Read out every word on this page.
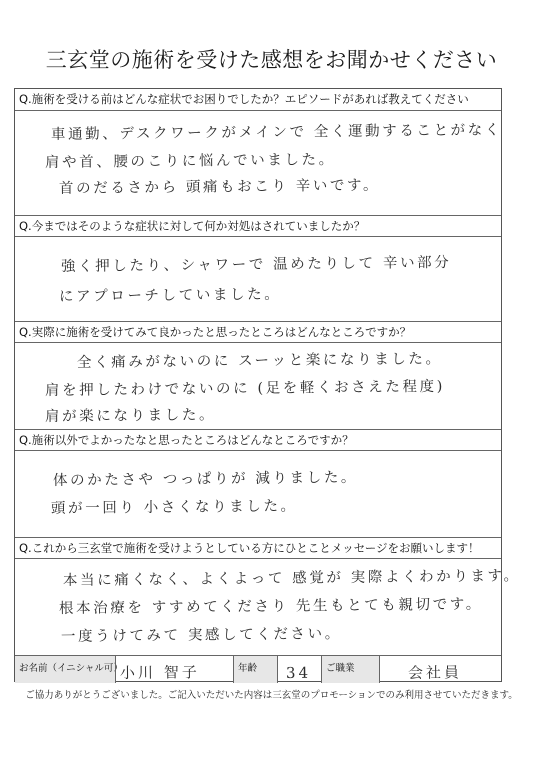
三玄堂の施術を受けた感想をお聞かせください
Q.施術を受ける前はどんな症状でお困りでしたか？エピソードがあれば教えてください
車通勤、デスクワークがメインで 全く運動することがなく
肩や首、腰のこりに悩んでいました。
首のだるさから 頭痛もおこり 辛いです。
Q.今まではそのような症状に対して何か対処はされていましたか？
強く押したり、シャワーで 温めたりして 辛い部分
にアプローチしていました。
Q.実際に施術を受けてみて良かったと思ったところはどんなところですか？
全く痛みがないのに スーッと楽になりました。
肩を押したわけでないのに (足を軽くおさえた程度)
肩が楽になりました。
Q.施術以外でよかったなと思ったところはどんなところですか？
体のかたさや つっぱりが 減りました。
頭が一回り 小さくなりました。
Q.これから三玄堂で施術を受けようとしている方にひとことメッセージをお願いします！
本当に痛くなく、よくよって 感覚が 実際よくわかります。
根本治療を すすめてくださり 先生もとても親切です。
一度うけてみて 実感してください。
お名前（イニシャル可）
小川 智子	年齢	34	ご職業	会社員
ご協力ありがとうございました。ご記入いただいた内容は三玄堂のプロモーションでのみ利用させていただきます。
